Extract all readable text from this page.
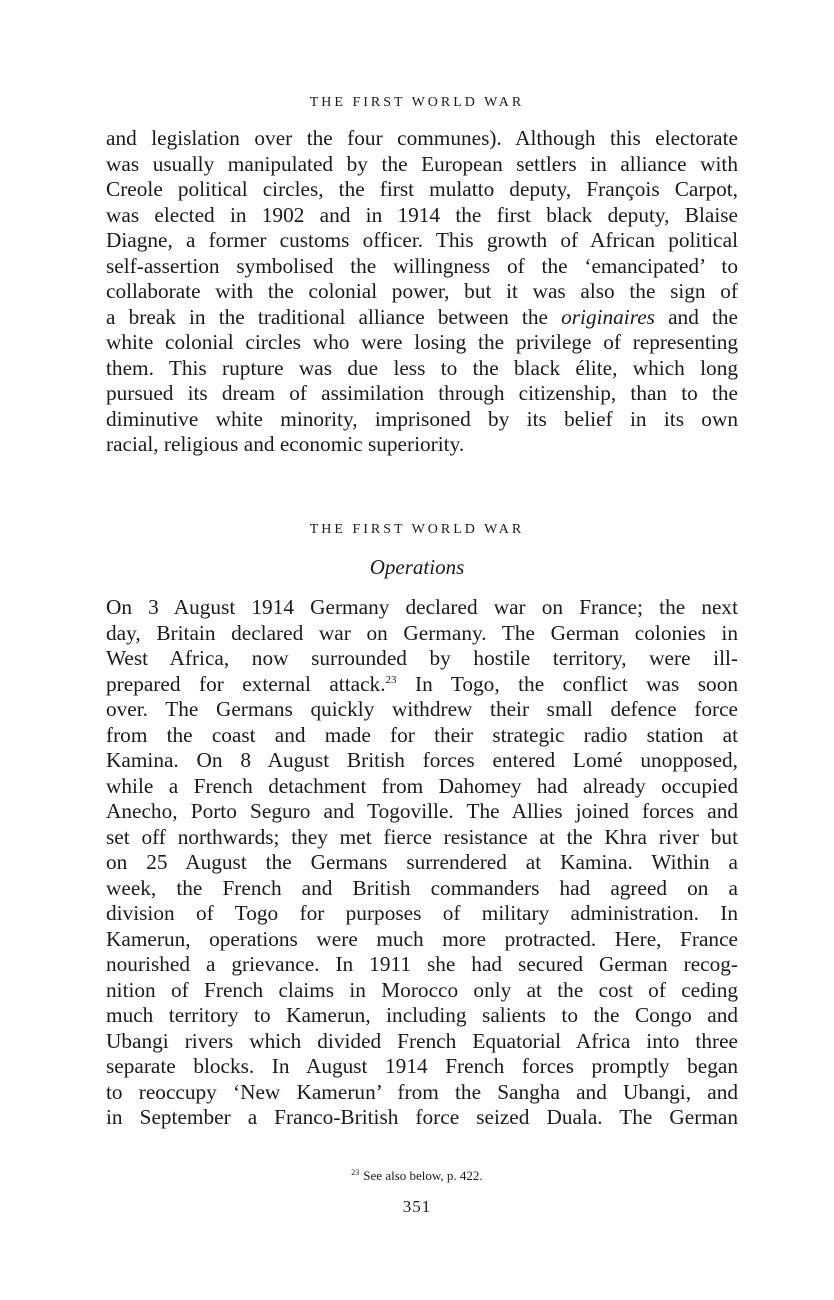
THE FIRST WORLD WAR
and legislation over the four communes). Although this electorate
was usually manipulated by the European settlers in alliance with
Creole political circles, the first mulatto deputy, François Carpot,
was elected in 1902 and in 1914 the first black deputy, Blaise
Diagne, a former customs officer. This growth of African political
self-assertion symbolised the willingness of the ‘emancipated’ to
collaborate with the colonial power, but it was also the sign of
a break in the traditional alliance between the originaires and the
white colonial circles who were losing the privilege of representing
them. This rupture was due less to the black élite, which long
pursued its dream of assimilation through citizenship, than to the
diminutive white minority, imprisoned by its belief in its own
racial, religious and economic superiority.
THE FIRST WORLD WAR
Operations
On 3 August 1914 Germany declared war on France; the next
day, Britain declared war on Germany. The German colonies in
West Africa, now surrounded by hostile territory, were ill-
prepared for external attack.$^{23}$ In Togo, the conflict was soon
over. The Germans quickly withdrew their small defence force
from the coast and made for their strategic radio station at
Kamina. On 8 August British forces entered Lomé unopposed,
while a French detachment from Dahomey had already occupied
Anecho, Porto Seguro and Togoville. The Allies joined forces and
set off northwards; they met fierce resistance at the Khra river but
on 25 August the Germans surrendered at Kamina. Within a
week, the French and British commanders had agreed on a
division of Togo for purposes of military administration. In
Kamerun, operations were much more protracted. Here, France
nourished a grievance. In 1911 she had secured German recog-
nition of French claims in Morocco only at the cost of ceding
much territory to Kamerun, including salients to the Congo and
Ubangi rivers which divided French Equatorial Africa into three
separate blocks. In August 1914 French forces promptly began
to reoccupy ‘New Kamerun’ from the Sangha and Ubangi, and
in September a Franco-British force seized Duala. The German
$^{23}$ See also below, p. 422.
351
